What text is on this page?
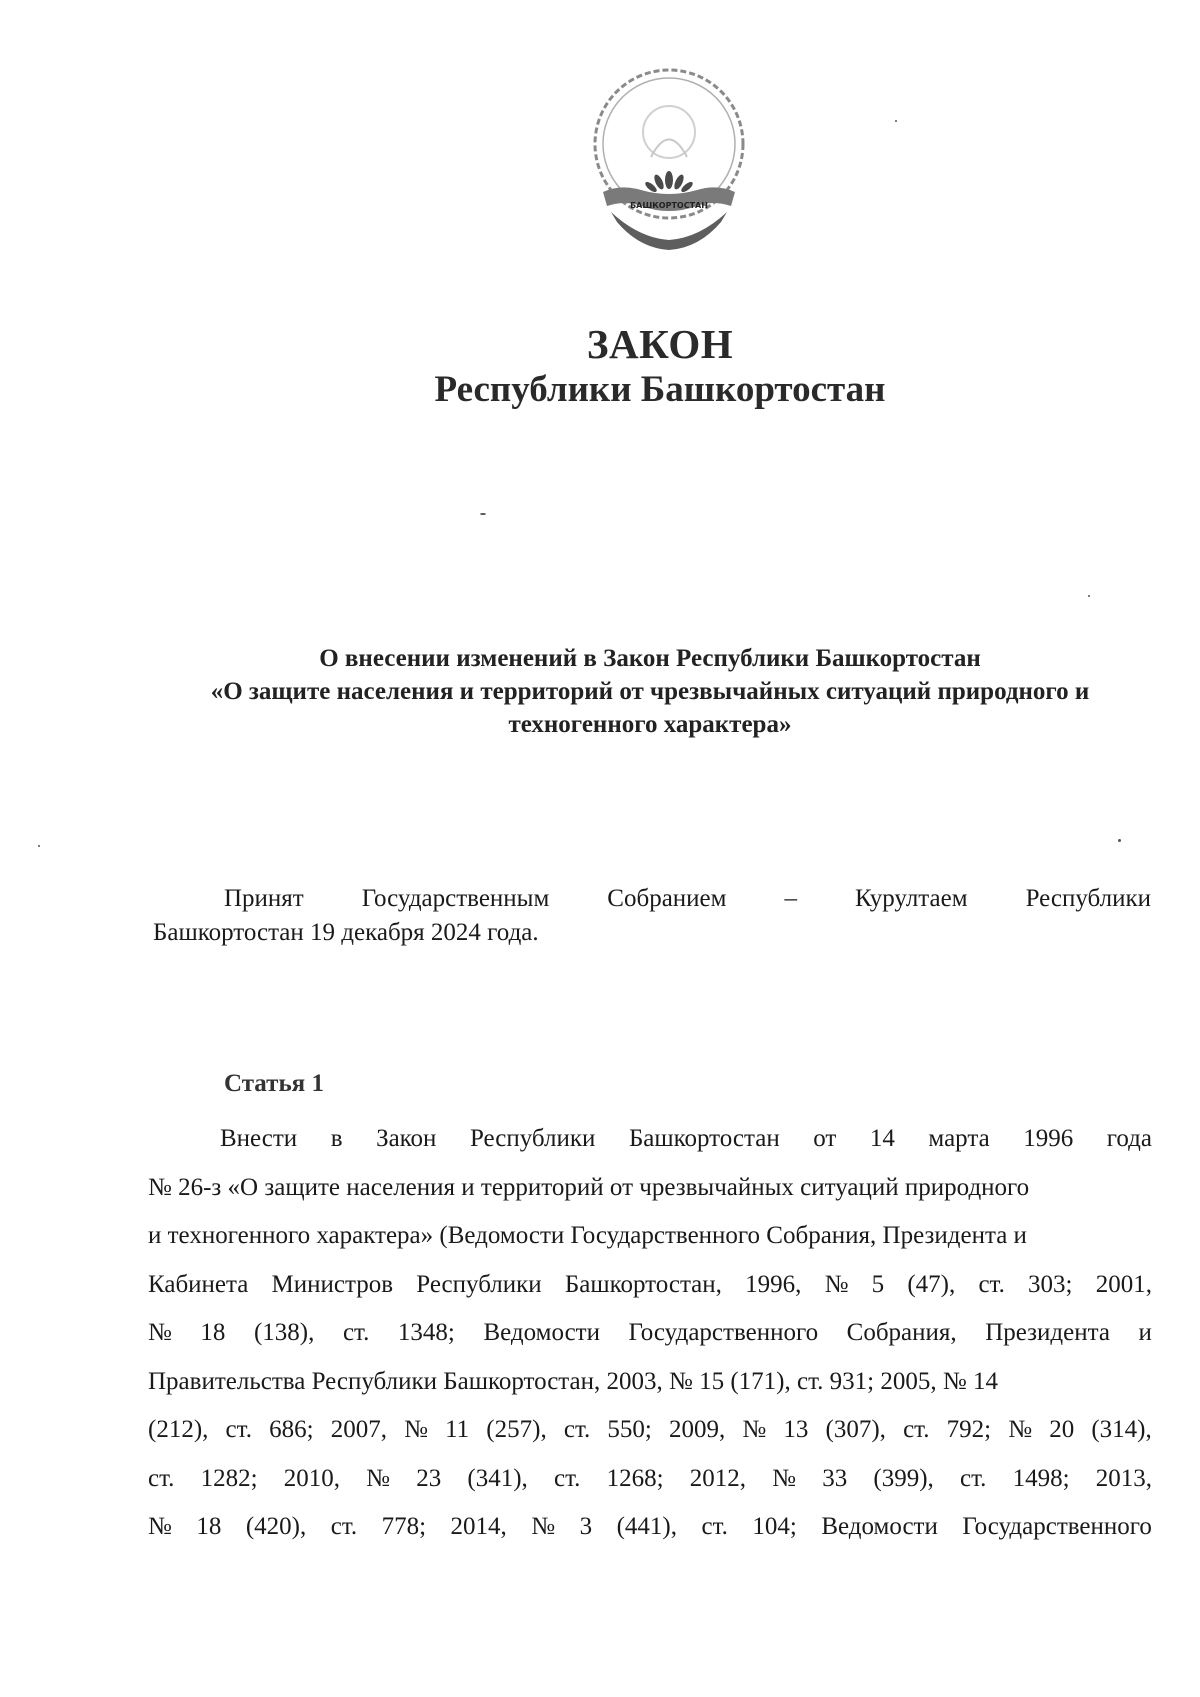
БАШКОРТОСТАН
ЗАКОН
Республики Башкортостан
О внесении изменений в Закон Республики Башкортостан
«О защите населения и территорий от чрезвычайных ситуаций природного и
техногенного характера»
Принят Государственным Собранием – Курултаем Республики
Башкортостан 19 декабря 2024 года.
Статья 1
Внести в Закон Республики Башкортостан от 14 марта 1996 года
№ 26-з «О защите населения и территорий от чрезвычайных ситуаций природного
и техногенного характера» (Ведомости Государственного Собрания, Президента и
Кабинета Министров Республики Башкортостан, 1996, № 5 (47), ст. 303; 2001,
№ 18 (138), ст. 1348; Ведомости Государственного Собрания, Президента и
Правительства Республики Башкортостан, 2003, № 15 (171), ст. 931; 2005, № 14
(212), ст. 686; 2007, № 11 (257), ст. 550; 2009, № 13 (307), ст. 792; № 20 (314),
ст. 1282; 2010, № 23 (341), ст. 1268; 2012, № 33 (399), ст. 1498; 2013,
№ 18 (420), ст. 778; 2014, № 3 (441), ст. 104; Ведомости Государственного
